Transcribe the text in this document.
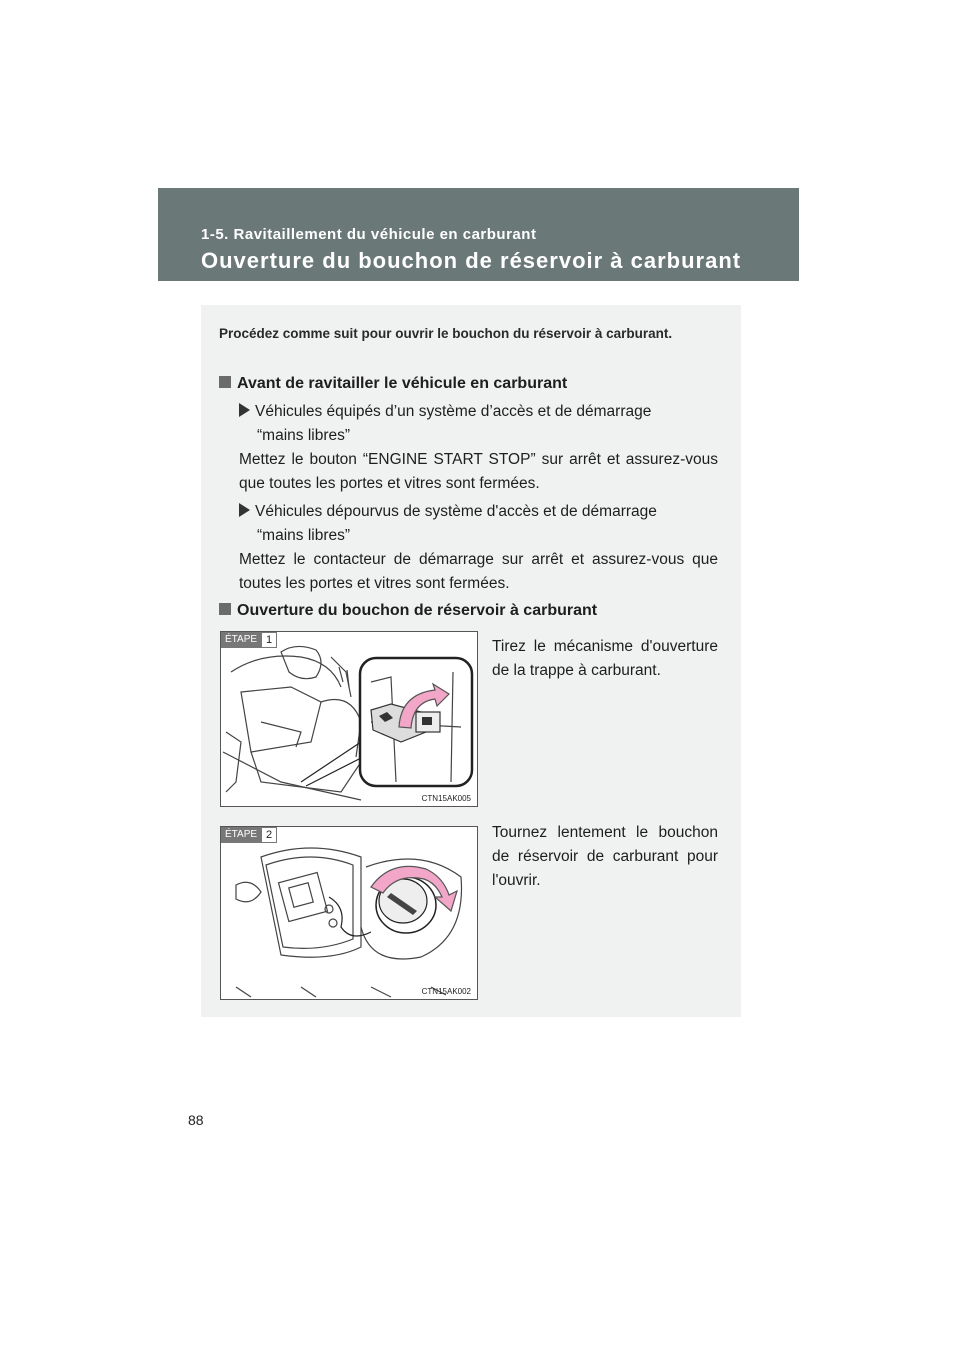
1-5. Ravitaillement du véhicule en carburant
Ouverture du bouchon de réservoir à carburant
Procédez comme suit pour ouvrir le bouchon du réservoir à carburant.
Avant de ravitailler le véhicule en carburant
Véhicules équipés d’un système d’accès et de démarrage
“mains libres”
Mettez le bouton “ENGINE START STOP” sur arrêt et assurez-vous que toutes les portes et vitres sont fermées.
Véhicules dépourvus de système d'accès et de démarrage
“mains libres”
Mettez le contacteur de démarrage sur arrêt et assurez-vous que toutes les portes et vitres sont fermées.
Ouverture du bouchon de réservoir à carburant
ÉTAPE 1
CTN15AK005
Tirez le mécanisme d'ouverture de la trappe à carburant.
ÉTAPE 2
CTN15AK002
Tournez lentement le bouchon de réservoir de carburant pour l'ouvrir.
88
